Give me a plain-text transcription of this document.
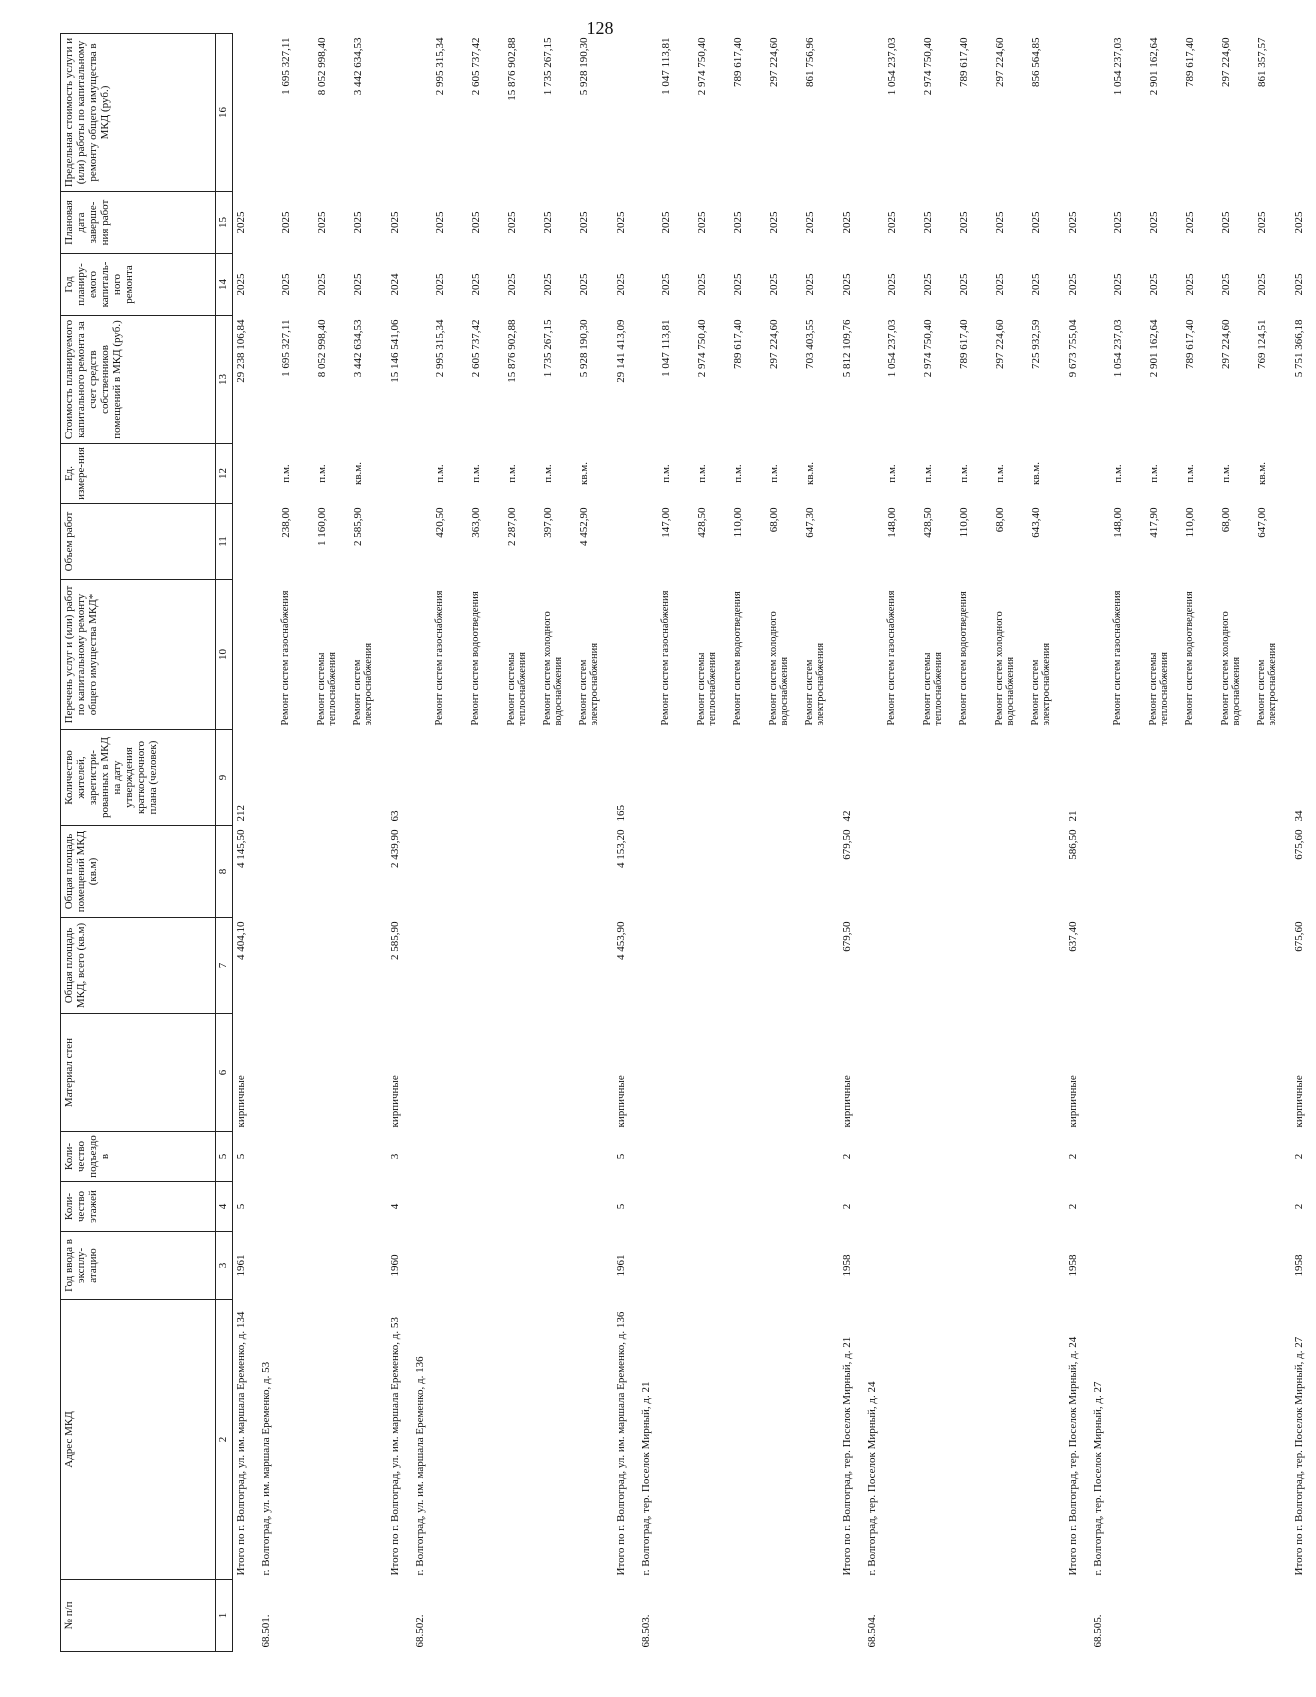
128
№ п/п	Адрес МКД	Год ввода в эксплу-атацию	Коли-чество этажей	Коли-чество подъездо в	Материал стен	Общая площадь МКД, всего (кв.м)	Общая площадь помещений МКД (кв.м)	Количество жителей, зарегистри-рованных в МКД на дату утверждения краткосрочного плана (человек)	Перечень услуг и (или) работ по капитальному ремонту общего имущества МКД*	Объем работ	Ед. измере-ния	Стоимость планируемого капитального ремонта за счет средств собственников помещений в МКД (руб.)	Год планиру-емого капиталь-ного ремонта	Плановая дата заверше-ния работ	Предельная стоимость услуги и (или) работы по капитальному ремонту общего имущества в МКД (руб.)
1	2	3	4	5	6	7	8	9	10	11	12	13	14	15	16
	Итого по г. Волгоград, ул. им. маршала Еременко, д. 134	1961	5	5	кирпичные	4 404,10	4 145,50	212				29 238 106,84	2025	2025	
68.501.	г. Волгоград, ул. им. маршала Еременко, д. 53														
									Ремонт систем газоснабжения	238,00	п.м.	1 695 327,11	2025	2025	1 695 327,11
									Ремонт системы теплоснабжения	1 160,00	п.м.	8 052 998,40	2025	2025	8 052 998,40
									Ремонт систем электроснабжения	2 585,90	кв.м.	3 442 634,53	2025	2025	3 442 634,53
	Итого по г. Волгоград, ул. им. маршала Еременко, д. 53	1960	4	3	кирпичные	2 585,90	2 439,90	63				15 146 541,06	2024	2025	
68.502.	г. Волгоград, ул. им. маршала Еременко, д. 136														
									Ремонт систем газоснабжения	420,50	п.м.	2 995 315,34	2025	2025	2 995 315,34
									Ремонт систем водоотведения	363,00	п.м.	2 605 737,42	2025	2025	2 605 737,42
									Ремонт системы теплоснабжения	2 287,00	п.м.	15 876 902,88	2025	2025	15 876 902,88
									Ремонт систем холодного водоснабжения	397,00	п.м.	1 735 267,15	2025	2025	1 735 267,15
									Ремонт систем электроснабжения	4 452,90	кв.м.	5 928 190,30	2025	2025	5 928 190,30
	Итого по г. Волгоград, ул. им. маршала Еременко, д. 136	1961	5	5	кирпичные	4 453,90	4 153,20	165				29 141 413,09	2025	2025	
68.503.	г. Волгоград, тер. Поселок Мирный, д. 21														
									Ремонт систем газоснабжения	147,00	п.м.	1 047 113,81	2025	2025	1 047 113,81
									Ремонт системы теплоснабжения	428,50	п.м.	2 974 750,40	2025	2025	2 974 750,40
									Ремонт систем водоотведения	110,00	п.м.	789 617,40	2025	2025	789 617,40
									Ремонт систем холодного водоснабжения	68,00	п.м.	297 224,60	2025	2025	297 224,60
									Ремонт систем электроснабжения	647,30	кв.м.	703 403,55	2025	2025	861 756,96
	Итого по г. Волгоград, тер. Поселок Мирный, д. 21	1958	2	2	кирпичные	679,50	679,50	42				5 812 109,76	2025	2025	
68.504.	г. Волгоград, тер. Поселок Мирный, д. 24														
									Ремонт систем газоснабжения	148,00	п.м.	1 054 237,03	2025	2025	1 054 237,03
									Ремонт системы теплоснабжения	428,50	п.м.	2 974 750,40	2025	2025	2 974 750,40
									Ремонт систем водоотведения	110,00	п.м.	789 617,40	2025	2025	789 617,40
									Ремонт систем холодного водоснабжения	68,00	п.м.	297 224,60	2025	2025	297 224,60
									Ремонт систем электроснабжения	643,40	кв.м.	725 932,59	2025	2025	856 564,85
	Итого по г. Волгоград, тер. Поселок Мирный, д. 24	1958	2	2	кирпичные	637,40	586,50	21				9 673 755,04	2025	2025	
68.505.	г. Волгоград, тер. Поселок Мирный, д. 27														
									Ремонт систем газоснабжения	148,00	п.м.	1 054 237,03	2025	2025	1 054 237,03
									Ремонт системы теплоснабжения	417,90	п.м.	2 901 162,64	2025	2025	2 901 162,64
									Ремонт систем водоотведения	110,00	п.м.	789 617,40	2025	2025	789 617,40
									Ремонт систем холодного водоснабжения	68,00	п.м.	297 224,60	2025	2025	297 224,60
									Ремонт систем электроснабжения	647,00	кв.м.	769 124,51	2025	2025	861 357,57
	Итого по г. Волгоград, тер. Поселок Мирный, д. 27	1958	2	2	кирпичные	675,60	675,60	34				5 751 366,18	2025	2025	
